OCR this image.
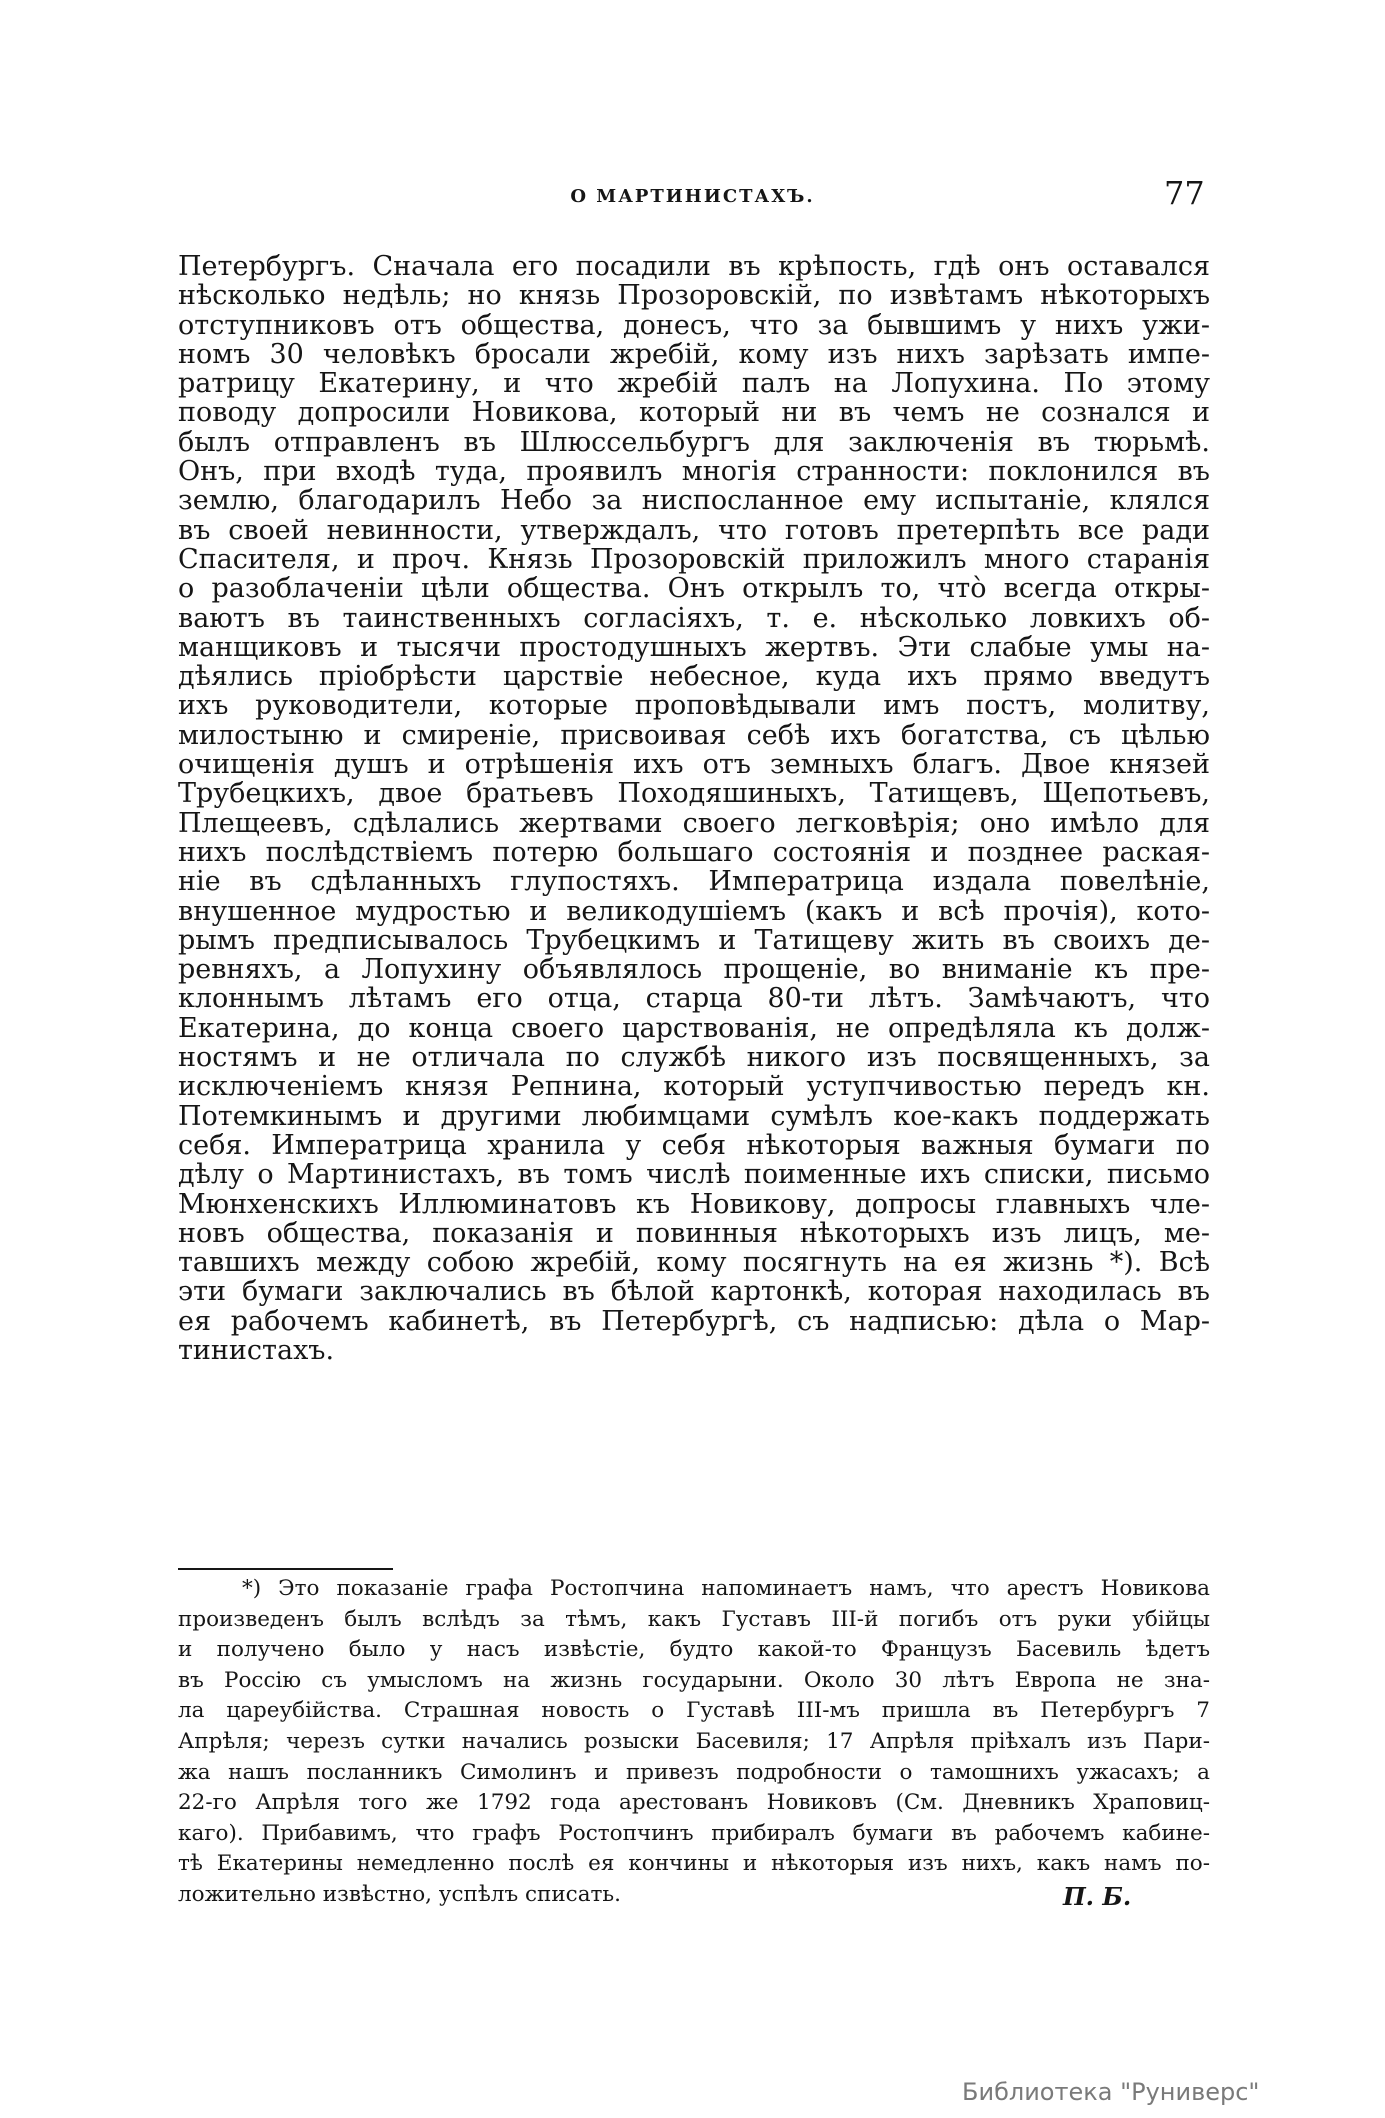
О МАРТИНИСТАХЪ.	77
Петербургъ. Сначала его посадили въ крѣпость, гдѣ онъ оставался
нѣсколько недѣль; но князь Прозоровскій, по извѣтамъ нѣкоторыхъ
отступниковъ отъ общества, донесъ, что за бывшимъ у нихъ ужи-
номъ 30 человѣкъ бросали жребій, кому изъ нихъ зарѣзать импе-
ратрицу Екатерину, и что жребій палъ на Лопухина. По этому
поводу допросили Новикова, который ни въ чемъ не сознался и
былъ отправленъ въ Шлюссельбургъ для заключенія въ тюрьмѣ.
Онъ, при входѣ туда, проявилъ многія странности: поклонился въ
землю, благодарилъ Небо за ниспосланное ему испытаніе, клялся
въ своей невинности, утверждалъ, что готовъ претерпѣть все ради
Спасителя, и проч. Князь Прозоровскій приложилъ много старанія
о разоблаченіи цѣли общества. Онъ открылъ то, что̀ всегда откры-
ваютъ въ таинственныхъ согласіяхъ, т. е. нѣсколько ловкихъ об-
манщиковъ и тысячи простодушныхъ жертвъ. Эти слабые умы на-
дѣялись пріобрѣсти царствіе небесное, куда ихъ прямо введутъ
ихъ руководители, которые проповѣдывали имъ постъ, молитву,
милостыню и смиреніе, присвоивая себѣ ихъ богатства, съ цѣлью
очищенія душъ и отрѣшенія ихъ отъ земныхъ благъ. Двое князей
Трубецкихъ, двое братьевъ Походяшиныхъ, Татищевъ, Щепотьевъ,
Плещеевъ, сдѣлались жертвами своего легковѣрія; оно имѣло для
нихъ послѣдствіемъ потерю большаго состоянія и позднее раская-
ніе въ сдѣланныхъ глупостяхъ. Императрица издала повелѣніе,
внушенное мудростью и великодушіемъ (какъ и всѣ прочія), кото-
рымъ предписывалось Трубецкимъ и Татищеву жить въ своихъ де-
ревняхъ, а Лопухину объявлялось прощеніе, во вниманіе къ пре-
клоннымъ лѣтамъ его отца, старца 80-ти лѣтъ. Замѣчаютъ, что
Екатерина, до конца своего царствованія, не опредѣляла къ долж-
ностямъ и не отличала по службѣ никого изъ посвященныхъ, за
исключеніемъ князя Репнина, который уступчивостью передъ кн.
Потемкинымъ и другими любимцами сумѣлъ кое-какъ поддержать
себя. Императрица хранила у себя нѣкоторыя важныя бумаги по
дѣлу о Мартинистахъ, въ томъ числѣ поименные ихъ списки, письмо
Мюнхенскихъ Иллюминатовъ къ Новикову, допросы главныхъ чле-
новъ общества, показанія и повинныя нѣкоторыхъ изъ лицъ, ме-
тавшихъ между собою жребій, кому посягнуть на ея жизнь *). Всѣ
эти бумаги заключались въ бѣлой картонкѣ, которая находилась въ
ея рабочемъ кабинетѣ, въ Петербургѣ, съ надписью: дѣла о Мар-
тинистахъ.
*) Это показаніе графа Ростопчина напоминаетъ намъ, что арестъ Новикова
произведенъ былъ вслѣдъ за тѣмъ, какъ Густавъ III-й погибъ отъ руки убійцы
и получено было у насъ извѣстіе, будто какой-то Французъ Басевиль ѣдетъ
въ Россію съ умысломъ на жизнь государыни. Около 30 лѣтъ Европа не зна-
ла цареубійства. Страшная новость о Густавѣ III-мъ пришла въ Петербургъ 7
Апрѣля; черезъ сутки начались розыски Басевиля; 17 Апрѣля пріѣхалъ изъ Пари-
жа нашъ посланникъ Симолинъ и привезъ подробности о тамошнихъ ужасахъ; а
22-го Апрѣля того же 1792 года арестованъ Новиковъ (См. Дневникъ Храповиц-
каго). Прибавимъ, что графъ Ростопчинъ прибиралъ бумаги въ рабочемъ кабине-
тѣ Екатерины немедленно послѣ ея кончины и нѣкоторыя изъ нихъ, какъ намъ по-
ложительно извѣстно, успѣлъ списать.	П. Б.
Библиотека "Руниверс"
